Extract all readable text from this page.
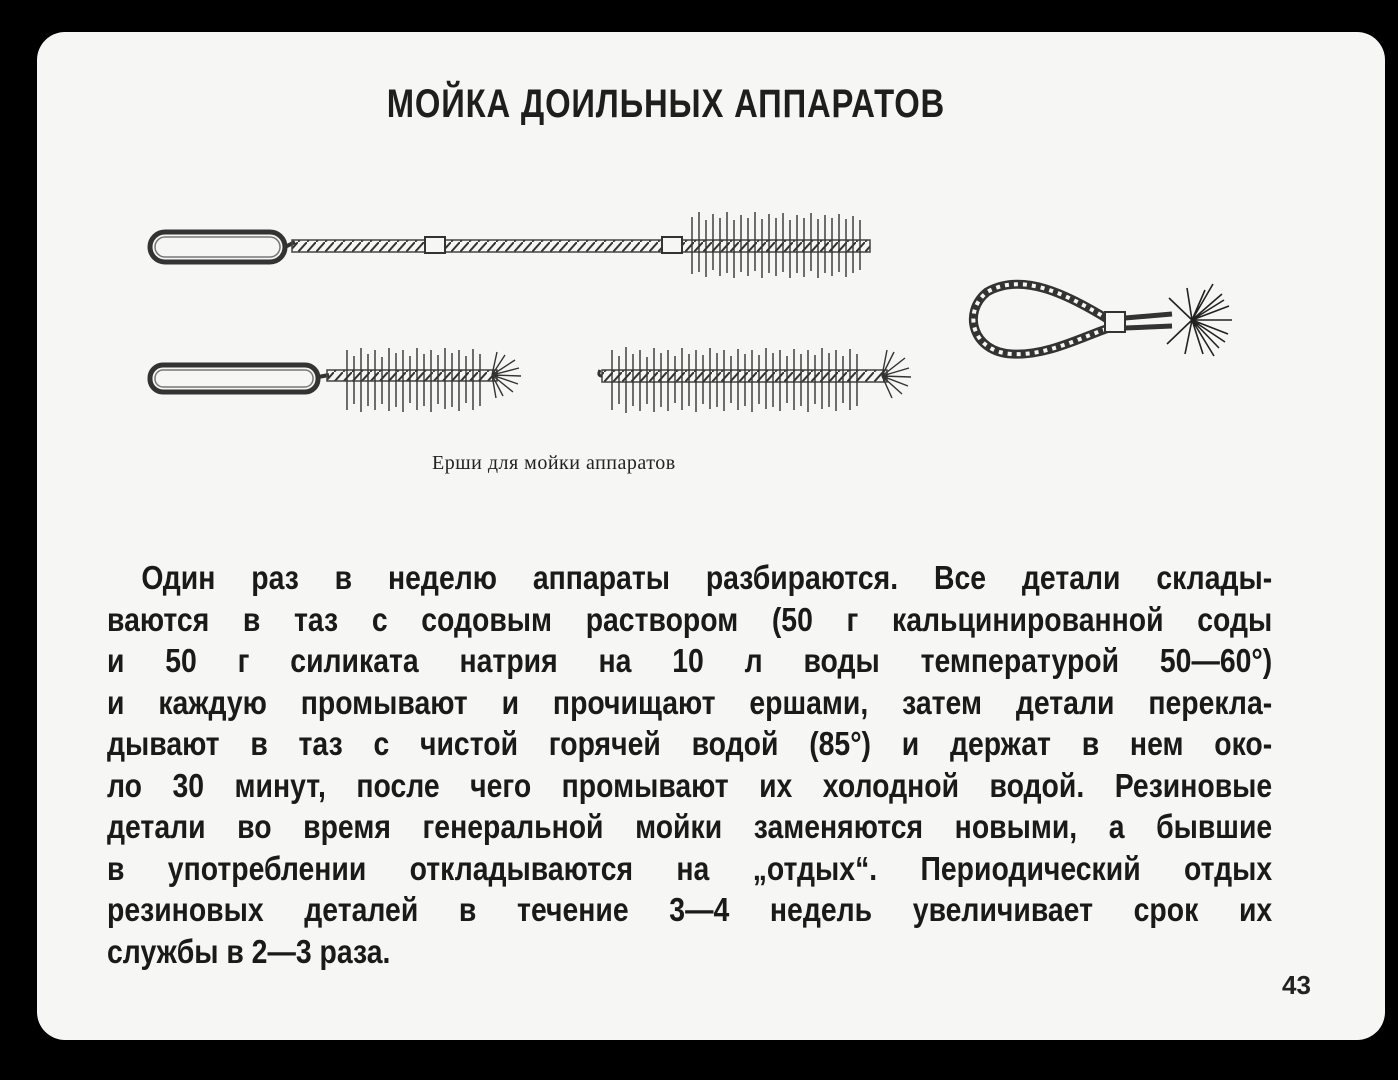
МОЙКА ДОИЛЬНЫХ АППАРАТОВ
Ерши для мойки аппаратов
Один раз в неделю аппараты разбираются. Все детали склады-
ваются в таз с содовым раствором (50 г кальцинированной соды
и 50 г силиката натрия на 10 л воды температурой 50—60°)
и каждую промывают и прочищают ершами, затем детали перекла-
дывают в таз с чистой горячей водой (85°) и держат в нем око-
ло 30 минут, после чего промывают их холодной водой. Резиновые
детали во время генеральной мойки заменяются новыми, а бывшие
в употреблении откладываются на „отдых“. Периодический отдых
резиновых деталей в течение 3—4 недель увеличивает срок их
службы в 2—3 раза.
43
